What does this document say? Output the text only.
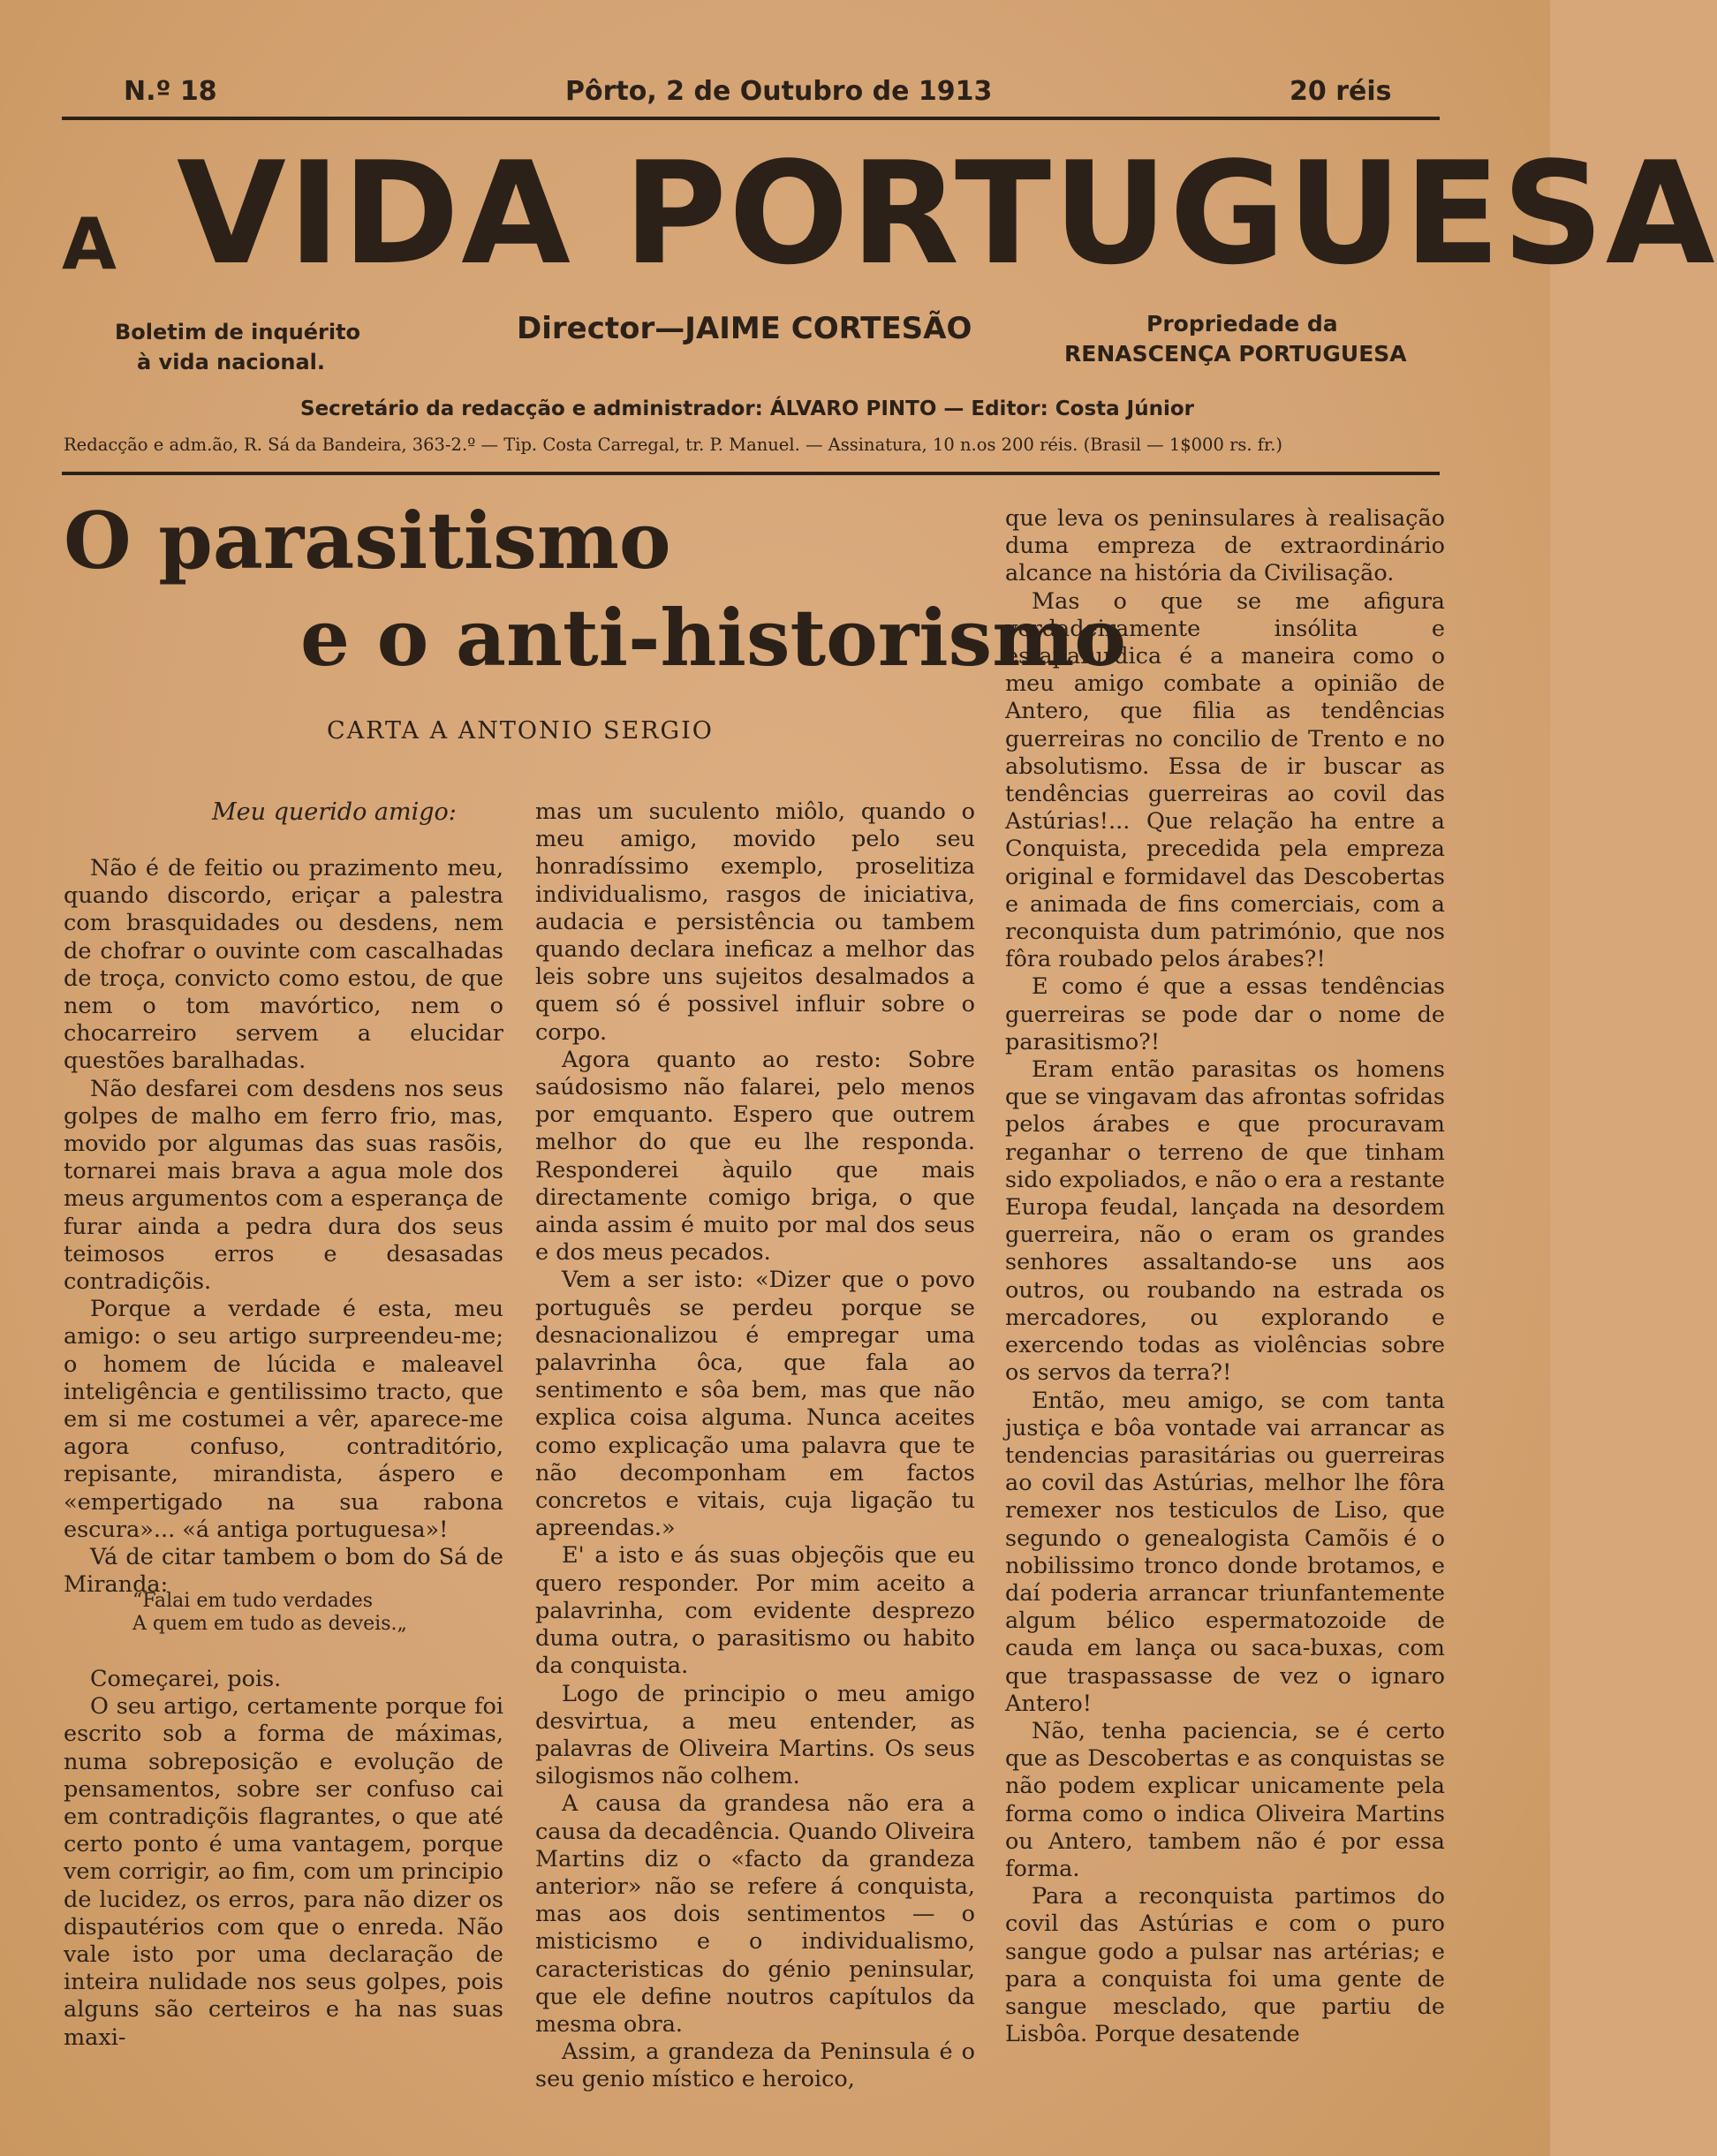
N.º 18	Pôrto, 2 de Outubro de 1913	20 réis
A VIDA PORTUGUESA
Boletim de inquérito
à vida nacional.
Director—JAIME CORTESÃO	Propriedade da
RENASCENÇA PORTUGUESA
Secretário da redacção e administrador: ÁLVARO PINTO — Editor: Costa Júnior
Redacção e adm.ão, R. Sá da Bandeira, 363-2.º — Tip. Costa Carregal, tr. P. Manuel. — Assinatura, 10 n.os 200 réis. (Brasil — 1$000 rs. fr.)
O parasitismo
e o anti-historismo
CARTA A ANTONIO SERGIO
Meu querido amigo:

Não é de feitio ou prazimento meu, quando discordo, eriçar a palestra com brasquidades ou desdens, nem de chofrar o ouvinte com cascalhadas de troça, convicto como estou, de que nem o tom mavórtico, nem o chocarreiro servem a elucidar questões baralhadas.

Não desfarei com desdens nos seus golpes de malho em ferro frio, mas, movido por algumas das suas rasõis, tornarei mais brava a agua mole dos meus argumentos com a esperança de furar ainda a pedra dura dos seus teimosos erros e desasadas contradiçõis.

Porque a verdade é esta, meu amigo: o seu artigo surpreendeu-me; o homem de lúcida e maleavel inteligência e gentilissimo tracto, que em si me costumei a vêr, aparece-me agora confuso, contraditório, repisante, mirandista, áspero e «empertigado na sua rabona escura»... «á antiga portuguesa»!

Vá de citar tambem o bom do Sá de Miranda:

“Falai em tudo verdades
A quem em tudo as deveis.„

Começarei, pois.

O seu artigo, certamente porque foi escrito sob a forma de máximas, numa sobreposição e evolução de pensamentos, sobre ser confuso cai em contradiçõis flagrantes, o que até certo ponto é uma vantagem, porque vem corrigir, ao fim, com um principio de lucidez, os erros, para não dizer os dispautérios com que o enreda. Não vale isto por uma declaração de inteira nulidade nos seus golpes, pois alguns são certeiros e ha nas suas maxi-

mas um suculento miôlo, quando o meu amigo, movido pelo seu honradíssimo exemplo, proselitiza individualismo, rasgos de iniciativa, audacia e persistência ou tambem quando declara ineficaz a melhor das leis sobre uns sujeitos desalmados a quem só é possivel influir sobre o corpo.

Agora quanto ao resto: Sobre saúdosismo não falarei, pelo menos por emquanto. Espero que outrem melhor do que eu lhe responda. Responderei àquilo que mais directamente comigo briga, o que ainda assim é muito por mal dos seus e dos meus pecados.

Vem a ser isto: «Dizer que o povo português se perdeu porque se desnacionalizou é empregar uma palavrinha ôca, que fala ao sentimento e sôa bem, mas que não explica coisa alguma. Nunca aceites como explicação uma palavra que te não decomponham em factos concretos e vitais, cuja ligação tu apreendas.»

E' a isto e ás suas objeçõis que eu quero responder. Por mim aceito a palavrinha, com evidente desprezo duma outra, o parasitismo ou habito da conquista.

Logo de principio o meu amigo desvirtua, a meu entender, as palavras de Oliveira Martins. Os seus silogismos não colhem.

A causa da grandesa não era a causa da decadência. Quando Oliveira Martins diz o «facto da grandeza anterior» não se refere á conquista, mas aos dois sentimentos — o misticismo e o individualismo, caracteristicas do génio peninsular, que ele define noutros capítulos da mesma obra.

Assim, a grandeza da Peninsula é o seu genio místico e heroico,

que leva os peninsulares à realisação duma empreza de extraordinário alcance na história da Civilisação.

Mas o que se me afigura verdadeiramente insólita e estapafurdica é a maneira como o meu amigo combate a opinião de Antero, que filia as tendências guerreiras no concilio de Trento e no absolutismo. Essa de ir buscar as tendências guerreiras ao covil das Astúrias!... Que relação ha entre a Conquista, precedida pela empreza original e formidavel das Descobertas e animada de fins comerciais, com a reconquista dum património, que nos fôra roubado pelos árabes?!

E como é que a essas tendências guerreiras se pode dar o nome de parasitismo?!

Eram então parasitas os homens que se vingavam das afrontas sofridas pelos árabes e que procuravam reganhar o terreno de que tinham sido expoliados, e não o era a restante Europa feudal, lançada na desordem guerreira, não o eram os grandes senhores assaltando-se uns aos outros, ou roubando na estrada os mercadores, ou explorando e exercendo todas as violências sobre os servos da terra?!

Então, meu amigo, se com tanta justiça e bôa vontade vai arrancar as tendencias parasitárias ou guerreiras ao covil das Astúrias, melhor lhe fôra remexer nos testiculos de Liso, que segundo o genealogista Camõis é o nobilissimo tronco donde brotamos, e daí poderia arrancar triunfantemente algum bélico espermatozoide de cauda em lança ou saca-buxas, com que traspassasse de vez o ignaro Antero!

Não, tenha paciencia, se é certo que as Descobertas e as conquistas se não podem explicar unicamente pela forma como o indica Oliveira Martins ou Antero, tambem não é por essa forma.

Para a reconquista partimos do covil das Astúrias e com o puro sangue godo a pulsar nas artérias; e para a conquista foi uma gente de sangue mesclado, que partiu de Lisbôa. Porque desatende
